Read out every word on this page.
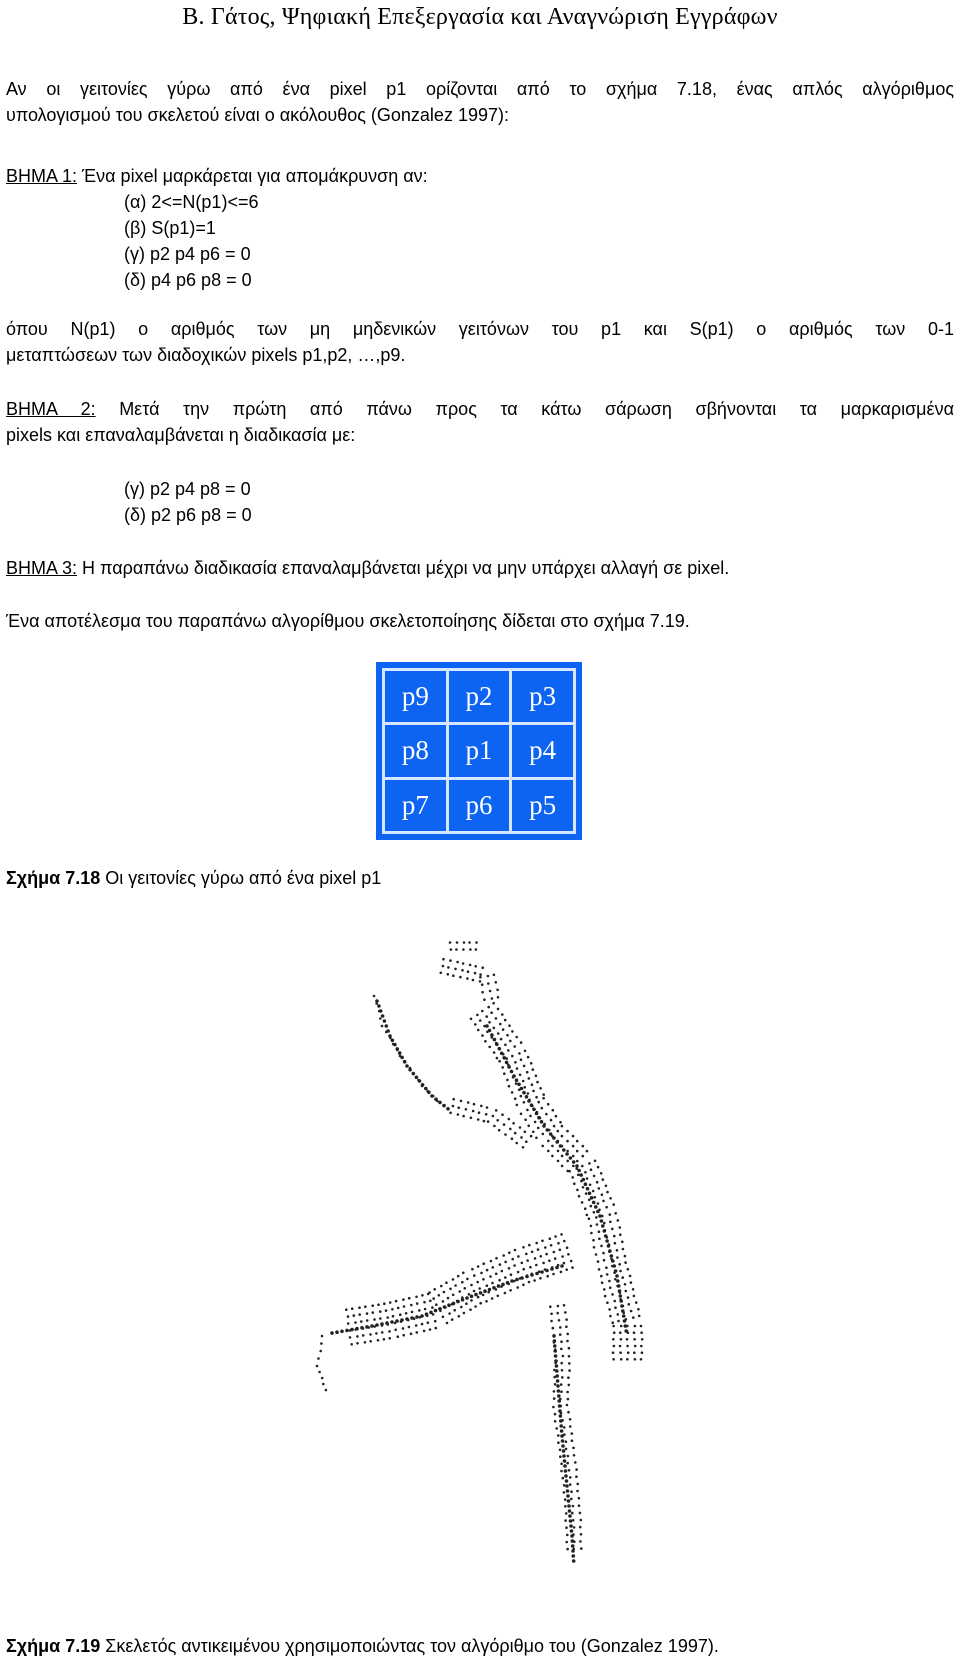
Β. Γάτος, Ψηφιακή Επεξεργασία και Αναγνώριση Εγγράφων
Αν οι γειτονίες γύρω από ένα pixel p1 ορίζονται από το σχήμα 7.18, ένας απλός αλγόριθμος
υπολογισμού του σκελετού είναι ο ακόλουθος (Gonzalez 1997):
ΒΗΜΑ 1: Ένα pixel μαρκάρεται για απομάκρυνση αν:
(α) 2<=N(p1)<=6
(β) S(p1)=1
(γ) p2 p4 p6 = 0
(δ) p4 p6 p8 = 0
όπου N(p1) ο αριθμός των μη μηδενικών γειτόνων του p1 και S(p1) ο αριθμός των 0-1
μεταπτώσεων των διαδοχικών pixels p1,p2, …,p9.
ΒΗΜΑ 2: Μετά την πρώτη από πάνω προς τα κάτω σάρωση σβήνονται τα μαρκαρισμένα
pixels και επαναλαμβάνεται η διαδικασία με:
(γ) p2 p4 p8 = 0
(δ) p2 p6 p8 = 0
ΒΗΜΑ 3: Η παραπάνω διαδικασία επαναλαμβάνεται μέχρι να μην υπάρχει αλλαγή σε pixel.
Ένα αποτέλεσμα του παραπάνω αλγορίθμου σκελετοποίησης δίδεται στο σχήμα 7.19.
p9	p2	p3
p8	p1	p4
p7	p6	p5
Σχήμα 7.18 Οι γειτονίες γύρω από ένα pixel p1
Σχήμα 7.19 Σκελετός αντικειμένου χρησιμοποιώντας τον αλγόριθμο του (Gonzalez 1997).
